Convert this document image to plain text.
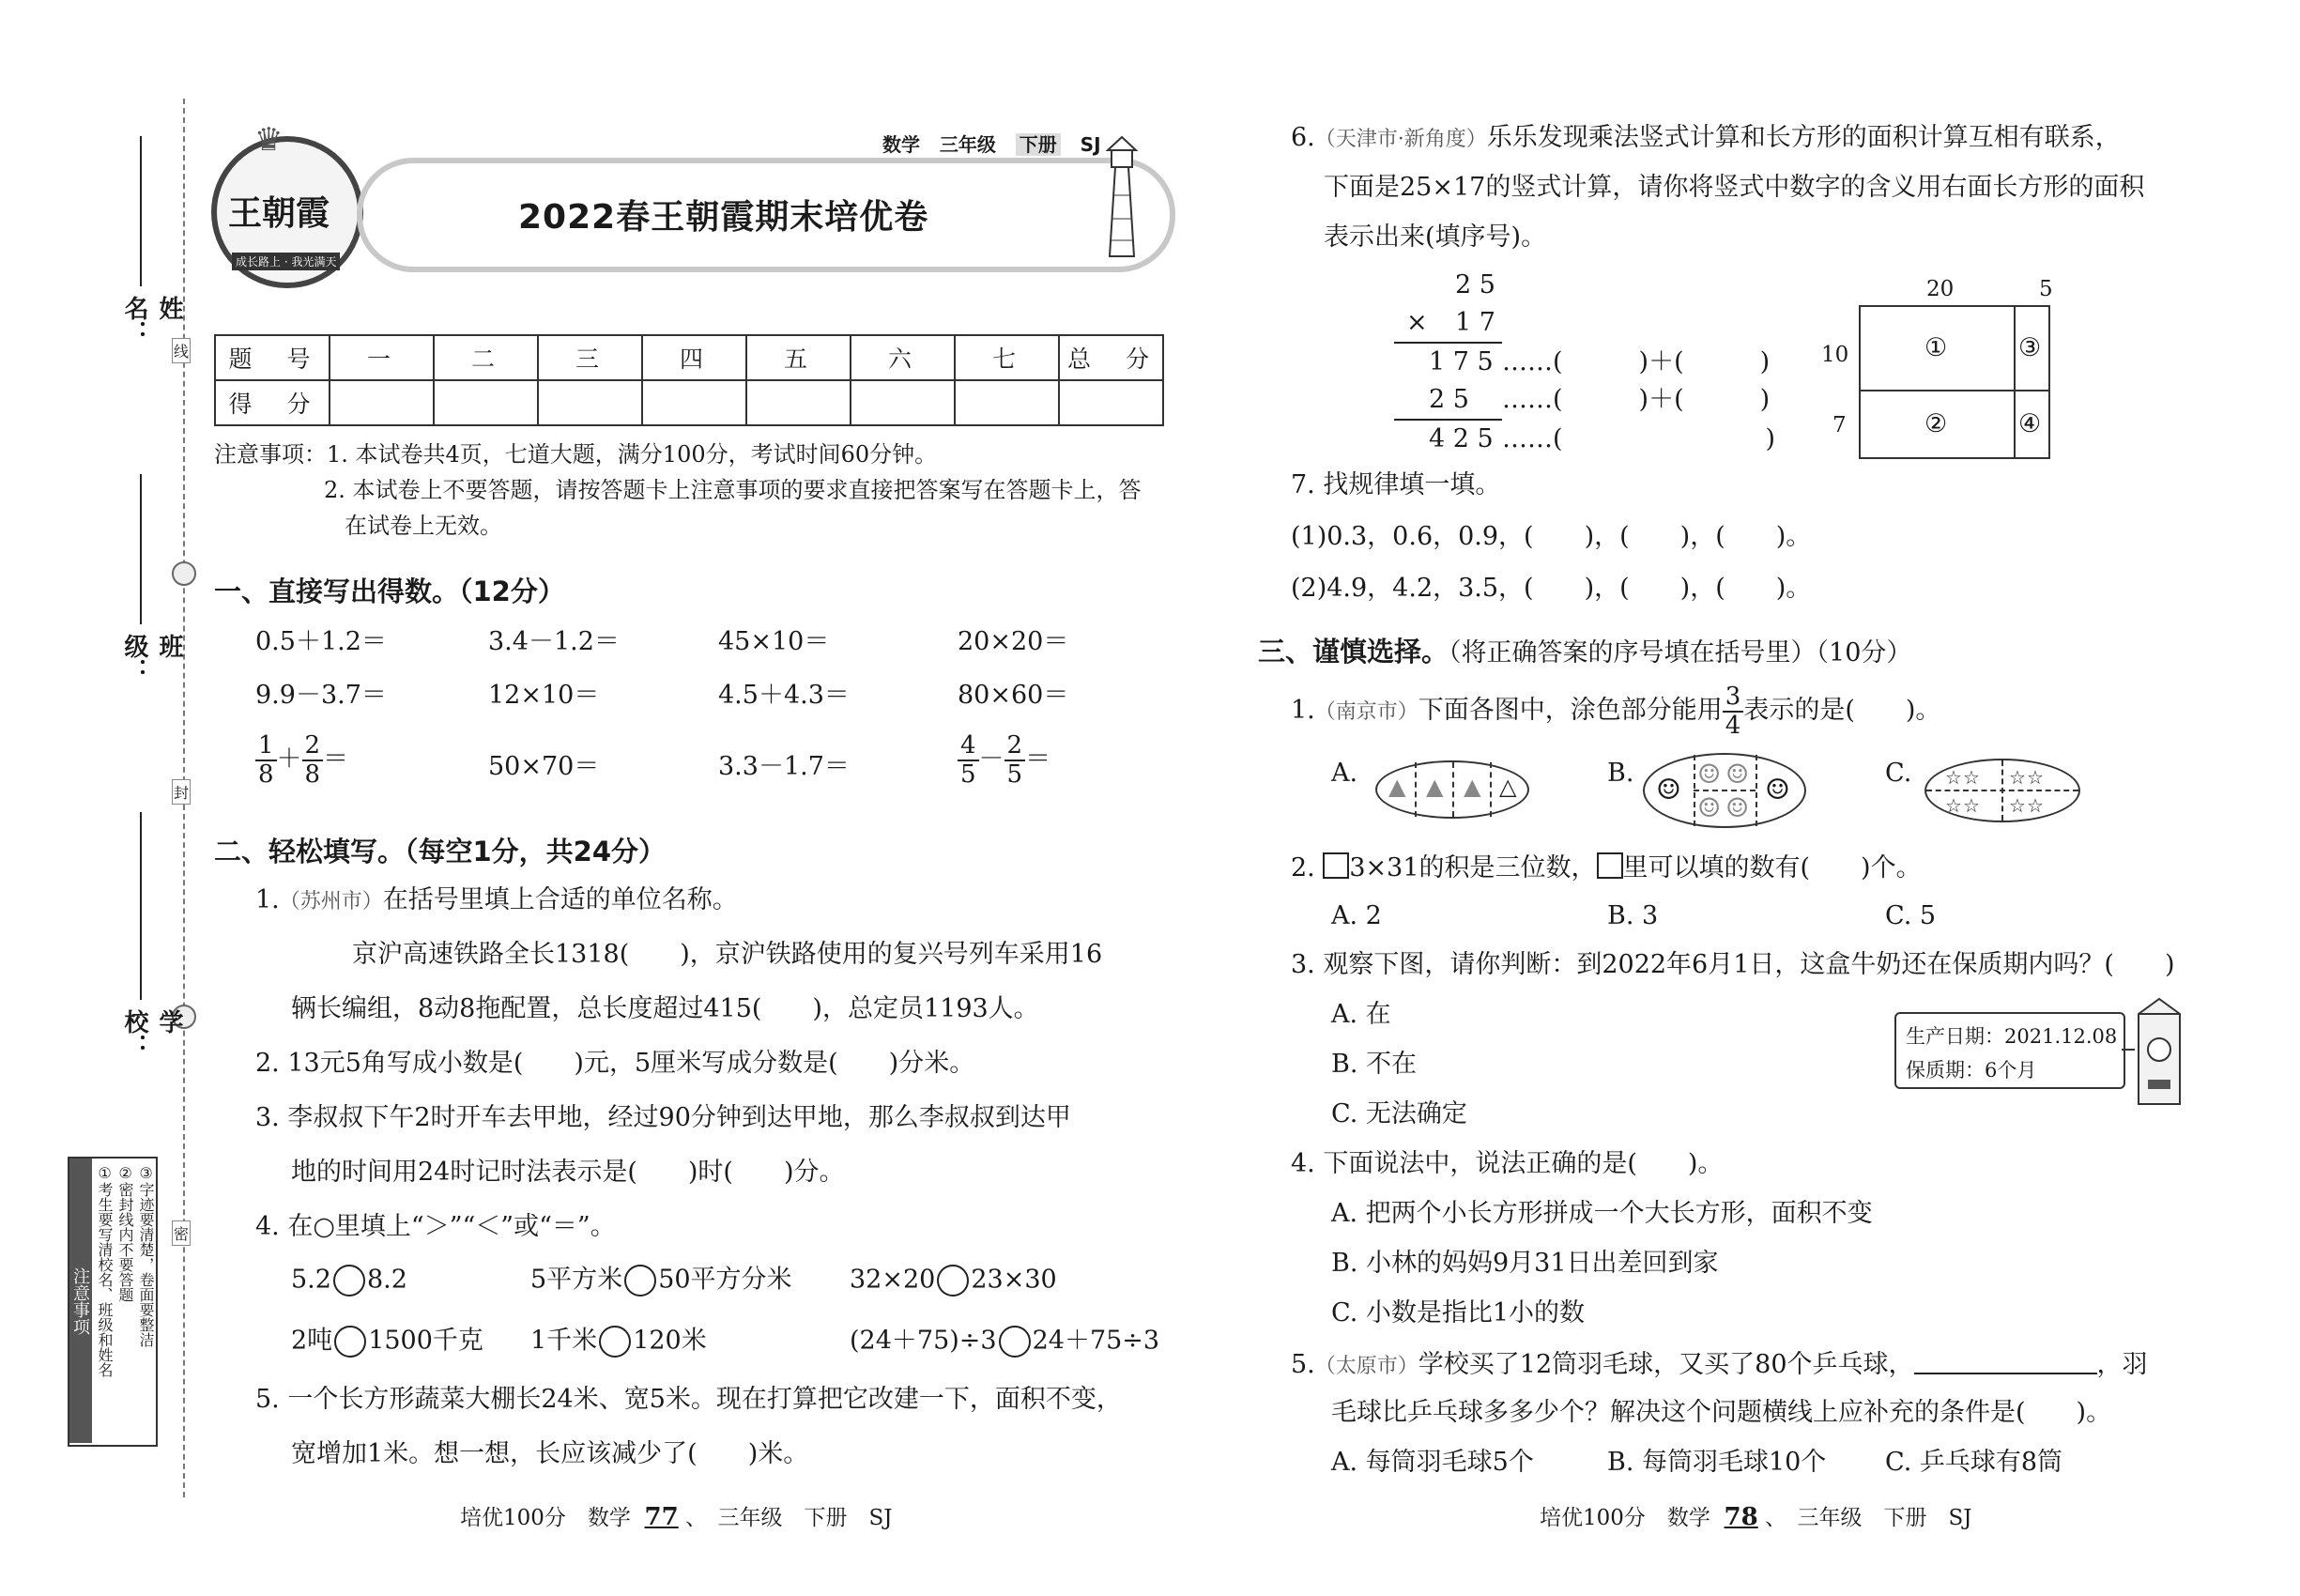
线
封
密
姓　名：
班　级：
学　校：
注意事项 ①考生要写清校名、班级和姓名 ②密封线内不要答题 ③字迹要清楚，卷面要整洁
♛
王朝霞
成长路上 · 我光满天
数学 三年级 下册 SJ
2022春王朝霞期末培优卷
题　号	一	二	三	四	五	六	七	总　分
得　分								
注意事项：1. 本试卷共4页，七道大题，满分100分，考试时间60分钟。
2. 本试卷上不要答题，请按答题卡上注意事项的要求直接把答案写在答题卡上，答
在试卷上无效。
一、直接写出得数。（12分）
0.5＋1.2＝	3.4－1.2＝	45×10＝	20×20＝
9.9－3.7＝	12×10＝	4.5＋4.3＝	80×60＝
$\frac{1}{8} + \frac{2}{8}$ ＝	50×70＝	3.3－1.7＝	$\frac{4}{5} - \frac{2}{5}$ ＝
二、轻松填写。（每空1分，共24分）
1.（苏州市）在括号里填上合适的单位名称。
京沪高速铁路全长1318(　　)，京沪铁路使用的复兴号列车采用16
辆长编组，8动8拖配置，总长度超过415(　　)，总定员1193人。
2. 13元5角写成小数是(　　)元，5厘米写成分数是(　　)分米。
3. 李叔叔下午2时开车去甲地，经过90分钟到达甲地，那么李叔叔到达甲
地的时间用24时记时法表示是(　　)时(　　)分。
4. 在○里填上“＞”“＜”或“＝”。
5.2 8.2	5平方米 50平方分米 32×20 23×30
2吨 1500千克 1千米 120米	(24＋75)÷3 24＋75÷3
5. 一个长方形蔬菜大棚长24米、宽5米。现在打算把它改建一下，面积不变，
宽增加1米。想一想，长应该减少了(　　)米。
培优100分　数学 77 、　三年级　下册　SJ
6.（天津市·新角度）乐乐发现乘法竖式计算和长方形的面积计算互相有联系，
下面是25×17的竖式计算，请你将竖式中数字的含义用右面长方形的面积
表示出来(填序号)。
2 5
× 1 7
1 7 5 ……(　　　)＋(　　　)
2 5 ……(　　　)＋(　　　)
4 2 5 ……(　　　　　　　　)
20	5
10
7
①	③
②	④
7. 找规律填一填。
(1)0.3，0.6，0.9，(　　)，(　　)，(　　)。
(2)4.9，4.2，3.5，(　　)，(　　)，(　　)。
三、谨慎选择。（将正确答案的序号填在括号里）（10分）
1.（南京市）下面各图中，涂色部分能用 $\frac{3}{4}$ 表示的是(　　)。
A. ▲ ▲ ▲ △	B.
☺ ☺ ☺
☺ ☺
☺
C. ☆☆ ☆☆
☆☆ ☆☆
2. 3×31的积是三位数， 里可以填的数有(　　)个。
A. 2	B. 3	C. 5
3. 观察下图，请你判断：到2022年6月1日，这盒牛奶还在保质期内吗？(　　)
A. 在
B. 不在
C. 无法确定
生产日期：2021.12.08
保质期：6个月
4. 下面说法中，说法正确的是(　　)。
A. 把两个小长方形拼成一个大长方形，面积不变
B. 小林的妈妈9月31日出差回到家
C. 小数是指比1小的数
5.（太原市）学校买了12筒羽毛球，又买了80个乒乓球，	，羽
毛球比乒乓球多多少个？解决这个问题横线上应补充的条件是(　　)。
A. 每筒羽毛球5个	B. 每筒羽毛球10个 C. 乒乓球有8筒
培优100分　数学 78 、　三年级　下册　SJ
